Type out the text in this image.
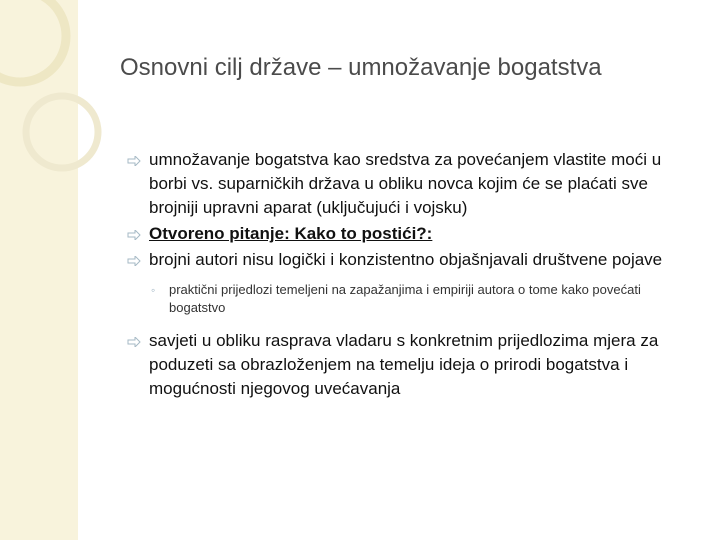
Osnovni cilj države – umnožavanje bogatstva
umnožavanje bogatstva kao sredstva za povećanjem vlastite moći u borbi vs. suparničkih država u obliku novca kojim će se plaćati sve brojniji upravni aparat (uključujući i vojsku)
Otvoreno pitanje: Kako to postići?:
brojni autori nisu logički i konzistentno objašnjavali društvene pojave
◦ praktični prijedlozi temeljeni na zapažanjima i empiriji autora o tome kako povećati bogatstvo
savjeti u obliku rasprava vladaru s konkretnim prijedlozima mjera za poduzeti sa obrazloženjem na temelju ideja o prirodi bogatstva i mogućnosti njegovog uvećavanja
